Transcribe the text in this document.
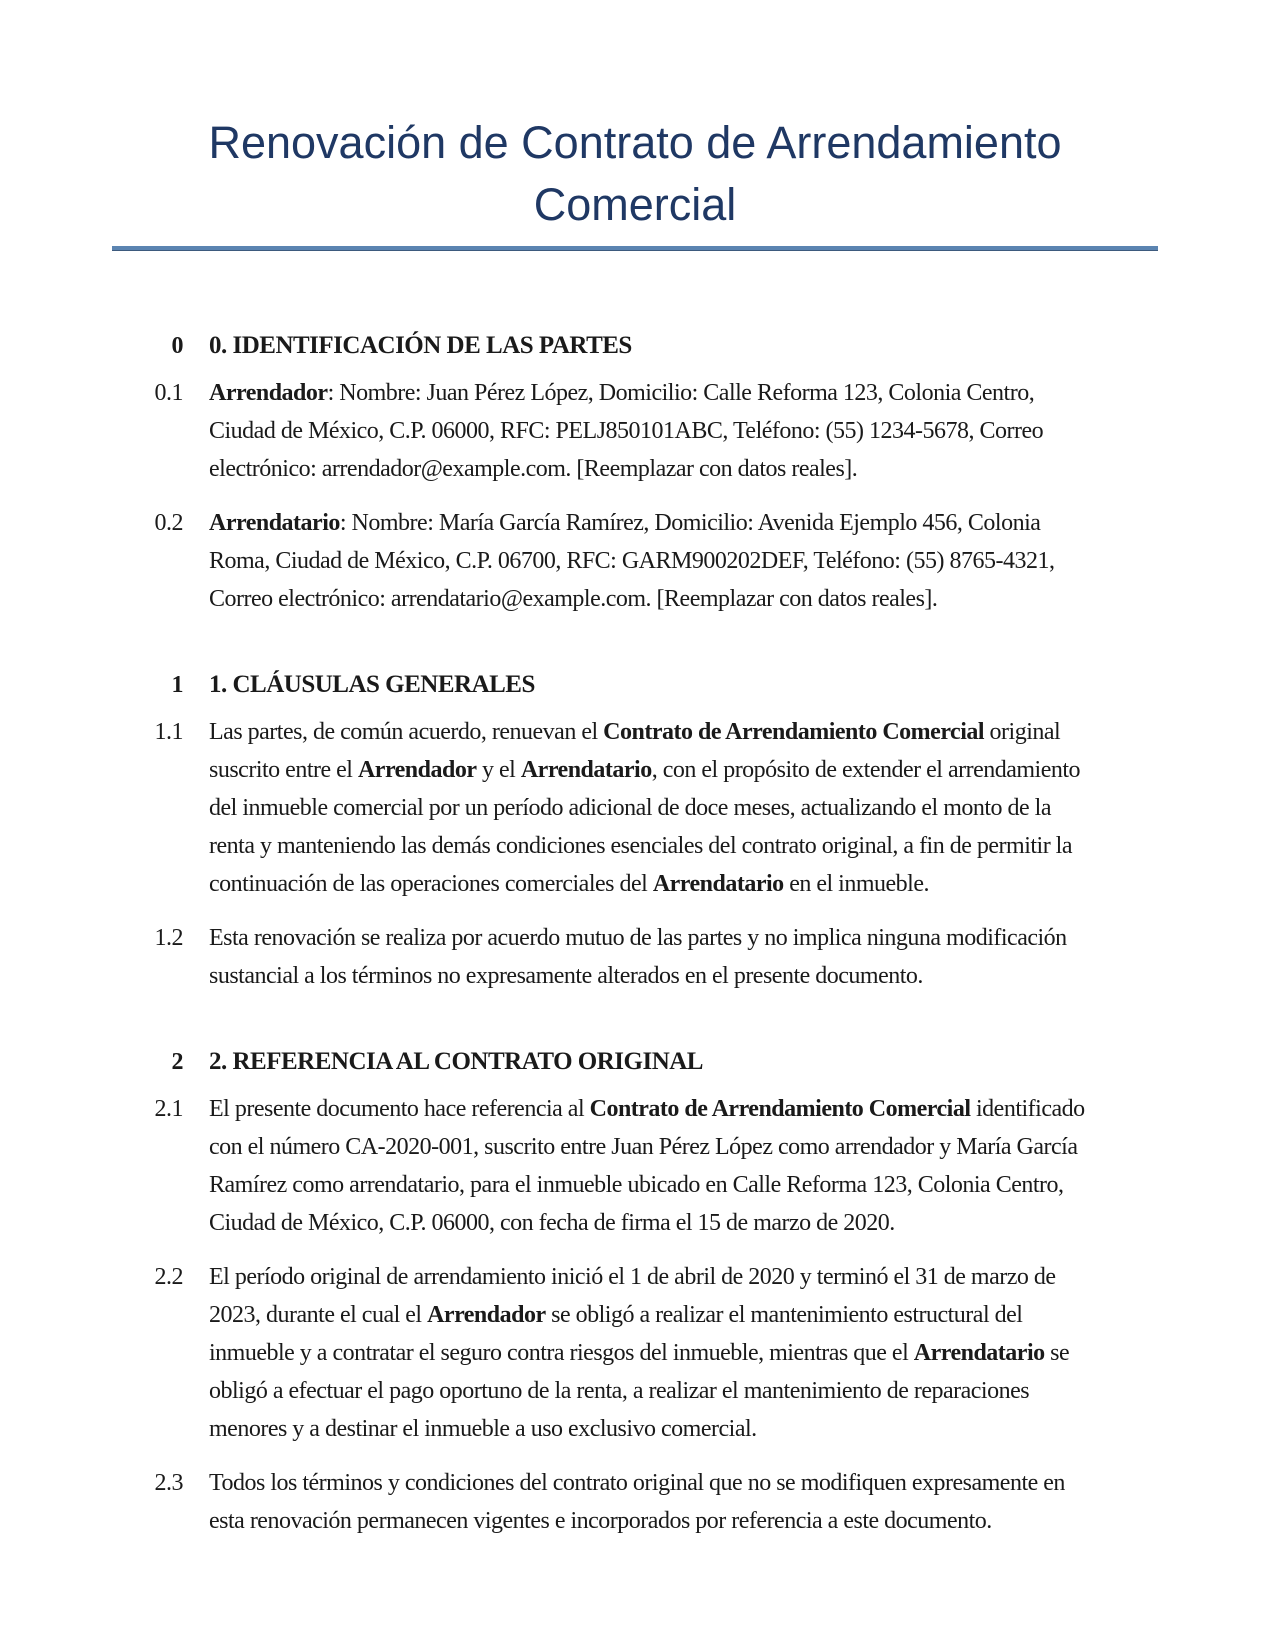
Renovación de Contrato de Arrendamiento Comercial
0 0. IDENTIFICACIÓN DE LAS PARTES
0.1 Arrendador: Nombre: Juan Pérez López, Domicilio: Calle Reforma 123, Colonia Centro, Ciudad de México, C.P. 06000, RFC: PELJ850101ABC, Teléfono: (55) 1234-5678, Correo electrónico: arrendador@example.com. [Reemplazar con datos reales].

0.2 Arrendatario: Nombre: María García Ramírez, Domicilio: Avenida Ejemplo 456, Colonia Roma, Ciudad de México, C.P. 06700, RFC: GARM900202DEF, Teléfono: (55) 8765-4321, Correo electrónico: arrendatario@example.com. [Reemplazar con datos reales].

1 1. CLÁUSULAS GENERALES
1.1 Las partes, de común acuerdo, renuevan el Contrato de Arrendamiento Comercial original suscrito entre el Arrendador y el Arrendatario, con el propósito de extender el arrendamiento del inmueble comercial por un período adicional de doce meses, actualizando el monto de la renta y manteniendo las demás condiciones esenciales del contrato original, a fin de permitir la continuación de las operaciones comerciales del Arrendatario en el inmueble.

1.2 Esta renovación se realiza por acuerdo mutuo de las partes y no implica ninguna modificación sustancial a los términos no expresamente alterados en el presente documento.

2 2. REFERENCIA AL CONTRATO ORIGINAL
2.1 El presente documento hace referencia al Contrato de Arrendamiento Comercial identificado con el número CA-2020-001, suscrito entre Juan Pérez López como arrendador y María García Ramírez como arrendatario, para el inmueble ubicado en Calle Reforma 123, Colonia Centro, Ciudad de México, C.P. 06000, con fecha de firma el 15 de marzo de 2020.

2.2 El período original de arrendamiento inició el 1 de abril de 2020 y terminó el 31 de marzo de 2023, durante el cual el Arrendador se obligó a realizar el mantenimiento estructural del inmueble y a contratar el seguro contra riesgos del inmueble, mientras que el Arrendatario se obligó a efectuar el pago oportuno de la renta, a realizar el mantenimiento de reparaciones menores y a destinar el inmueble a uso exclusivo comercial.

2.3 Todos los términos y condiciones del contrato original que no se modifiquen expresamente en esta renovación permanecen vigentes e incorporados por referencia a este documento.
